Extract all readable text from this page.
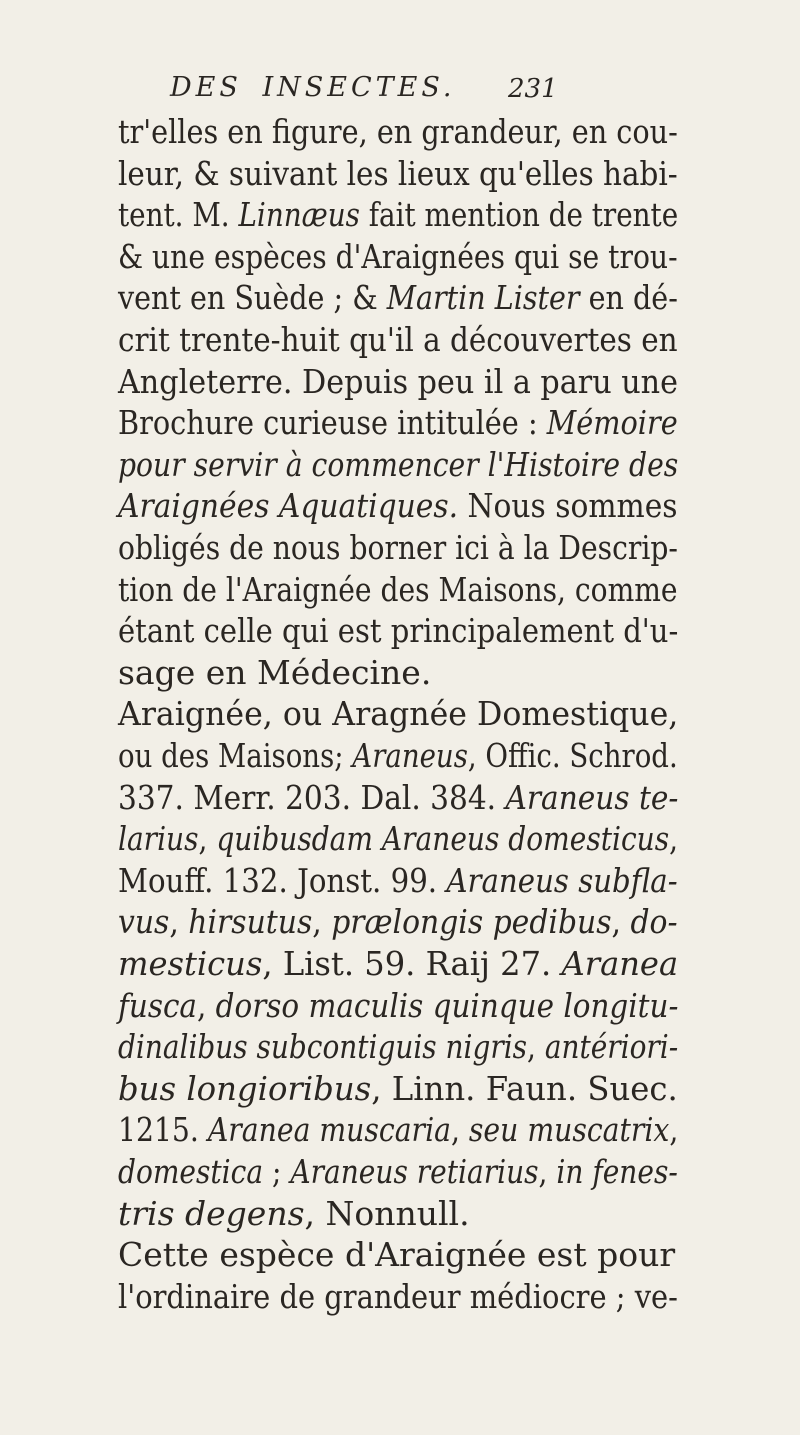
DES INSECTES.	231
tr'elles en figure, en grandeur, en cou-
leur, & suivant les lieux qu'elles habi-
tent. M. Linnæus fait mention de trente
& une espèces d'Araignées qui se trou-
vent en Suède ; & Martin Lister en dé-
crit trente-huit qu'il a découvertes en
Angleterre. Depuis peu il a paru une
Brochure curieuse intitulée : Mémoire
pour servir à commencer l'Histoire des
Araignées Aquatiques. Nous sommes
obligés de nous borner ici à la Descrip-
tion de l'Araignée des Maisons, comme
étant celle qui est principalement d'u-
sage en Médecine.
Araignée, ou Aragnée Domestique,
ou des Maisons; Araneus, Offic. Schrod.
337. Merr. 203. Dal. 384. Araneus te-
larius, quibusdam Araneus domesticus,
Mouff. 132. Jonst. 99. Araneus subfla-
vus, hirsutus, prælongis pedibus, do-
mesticus, List. 59. Raij 27. Aranea
fusca, dorso maculis quinque longitu-
dinalibus subcontiguis nigris, antériori-
bus longioribus, Linn. Faun. Suec.
1215. Aranea muscaria, seu muscatrix,
domestica ; Araneus retiarius, in fenes-
tris degens, Nonnull.
Cette espèce d'Araignée est pour
l'ordinaire de grandeur médiocre ; ve-
